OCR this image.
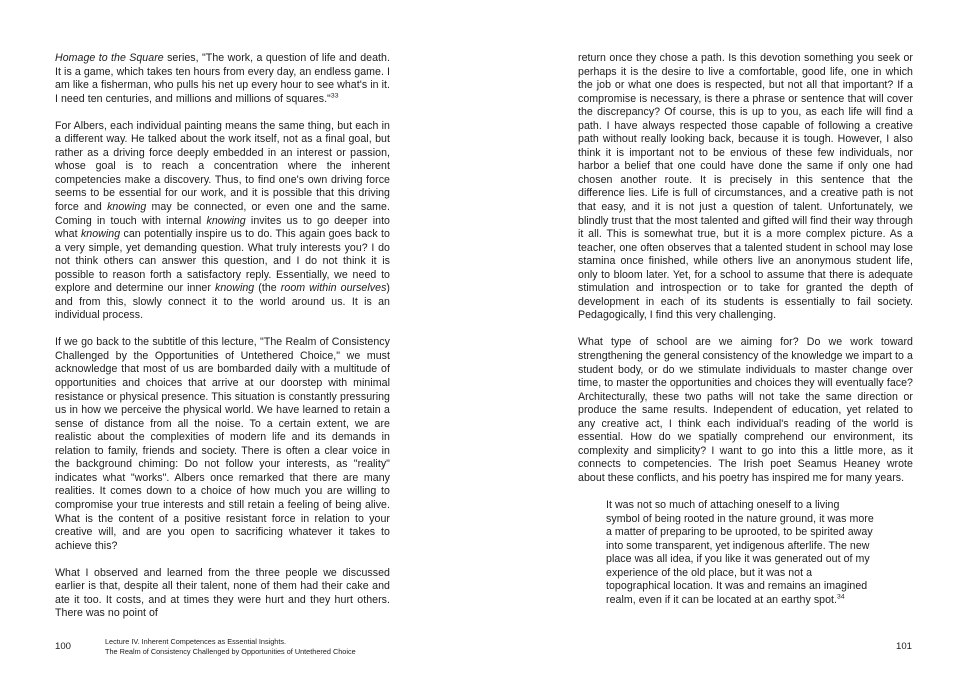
Homage to the Square series, "The work, a question of life and death. It is a game, which takes ten hours from every day, an endless game. I am like a fisherman, who pulls his net up every hour to see what's in it. I need ten centuries, and millions and millions of squares."$^{33}$

For Albers, each individual painting means the same thing, but each in a different way. He talked about the work itself, not as a final goal, but rather as a driving force deeply embedded in an interest or passion, whose goal is to reach a concentration where the inherent competencies make a discovery. Thus, to find one's own driving force seems to be essential for our work, and it is possible that this driving force and knowing may be connected, or even one and the same. Coming in touch with internal knowing invites us to go deeper into what knowing can potentially inspire us to do. This again goes back to a very simple, yet demanding question. What truly interests you? I do not think others can answer this question, and I do not think it is possible to reason forth a satisfactory reply. Essentially, we need to explore and determine our inner knowing (the room within ourselves) and from this, slowly connect it to the world around us. It is an individual process.

If we go back to the subtitle of this lecture, "The Realm of Consistency Challenged by the Opportunities of Untethered Choice," we must acknowledge that most of us are bombarded daily with a multitude of opportunities and choices that arrive at our doorstep with minimal resistance or physical presence. This situation is constantly pressuring us in how we perceive the physical world. We have learned to retain a sense of distance from all the noise. To a certain extent, we are realistic about the complexities of modern life and its demands in relation to family, friends and society. There is often a clear voice in the background chiming: Do not follow your interests, as "reality" indicates what "works". Albers once remarked that there are many realities. It comes down to a choice of how much you are willing to compromise your true interests and still retain a feeling of being alive. What is the content of a positive resistant force in relation to your creative will, and are you open to sacrificing whatever it takes to achieve this?

What I observed and learned from the three people we discussed earlier is that, despite all their talent, none of them had their cake and ate it too. It costs, and at times they were hurt and they hurt others. There was no point of

return once they chose a path. Is this devotion something you seek or perhaps it is the desire to live a comfortable, good life, one in which the job or what one does is respected, but not all that important? If a compromise is necessary, is there a phrase or sentence that will cover the discrepancy? Of course, this is up to you, as each life will find a path. I have always respected those capable of following a creative path without really looking back, because it is tough. However, I also think it is important not to be envious of these few individuals, nor harbor a belief that one could have done the same if only one had chosen another route. It is precisely in this sentence that the difference lies. Life is full of circumstances, and a creative path is not that easy, and it is not just a question of talent. Unfortunately, we blindly trust that the most talented and gifted will find their way through it all. This is somewhat true, but it is a more complex picture. As a teacher, one often observes that a talented student in school may lose stamina once finished, while others live an anonymous student life, only to bloom later. Yet, for a school to assume that there is adequate stimulation and introspection or to take for granted the depth of development in each of its students is essentially to fail society. Pedagogically, I find this very challenging.

What type of school are we aiming for? Do we work toward strengthening the general consistency of the knowledge we impart to a student body, or do we stimulate individuals to master change over time, to master the opportunities and choices they will eventually face? Architecturally, these two paths will not take the same direction or produce the same results. Independent of education, yet related to any creative act, I think each individual's reading of the world is essential. How do we spatially comprehend our environment, its complexity and simplicity? I want to go into this a little more, as it connects to competencies. The Irish poet Seamus Heaney wrote about these conflicts, and his poetry has inspired me for many years.

It was not so much of attaching oneself to a living symbol of being rooted in the nature ground, it was more a matter of preparing to be uprooted, to be spirited away into some transparent, yet indigenous afterlife. The new place was all idea, if you like it was generated out of my experience of the old place, but it was not a topographical location. It was and remains an imagined realm, even if it can be located at an earthy spot.$^{34}$
100	Lecture IV. Inherent Competences as Essential Insights.
The Realm of Consistency Challenged by Opportunities of Untethered Choice	101
